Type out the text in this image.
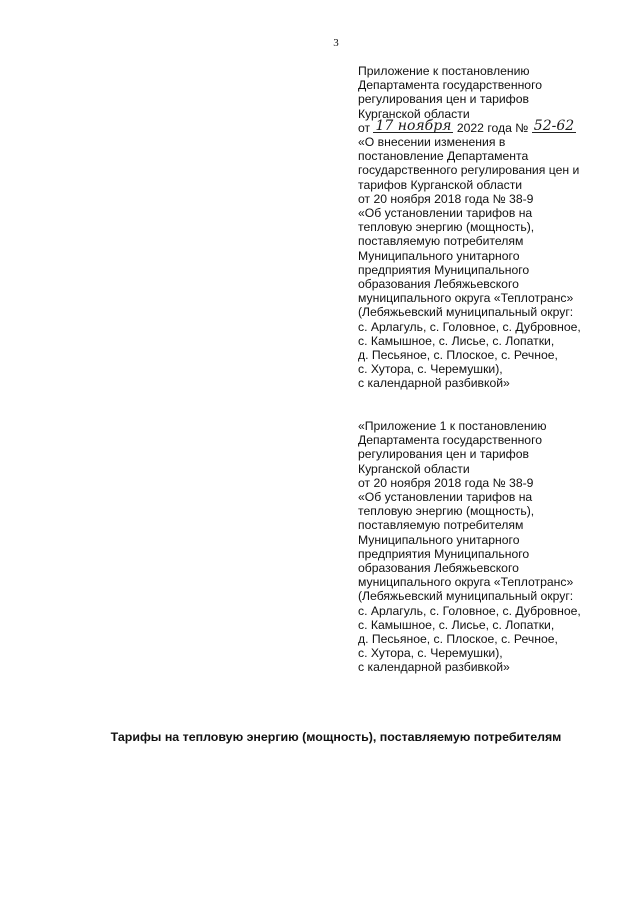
3
Приложение к постановлению
Департамента государственного
регулирования цен и тарифов
Курганской области
от 17 ноября 2022 года № 52-62
«О внесении изменения в
постановление Департамента
государственного регулирования цен и
тарифов Курганской области
от 20 ноября 2018 года № 38-9
«Об установлении тарифов на
тепловую энергию (мощность),
поставляемую потребителям
Муниципального унитарного
предприятия Муниципального
образования Лебяжьевского
муниципального округа «Теплотранс»
(Лебяжьевский муниципальный округ:
с. Арлагуль, с. Головное, с. Дубровное,
с. Камышное, с. Лисье, с. Лопатки,
д. Песьяное, с. Плоское, с. Речное,
с. Хутора, с. Черемушки),
с календарной разбивкой»
«Приложение 1 к постановлению
Департамента государственного
регулирования цен и тарифов
Курганской области
от 20 ноября 2018 года № 38-9
«Об установлении тарифов на
тепловую энергию (мощность),
поставляемую потребителям
Муниципального унитарного
предприятия Муниципального
образования Лебяжьевского
муниципального округа «Теплотранс»
(Лебяжьевский муниципальный округ:
с. Арлагуль, с. Головное, с. Дубровное,
с. Камышное, с. Лисье, с. Лопатки,
д. Песьяное, с. Плоское, с. Речное,
с. Хутора, с. Черемушки),
с календарной разбивкой»
Тарифы на тепловую энергию (мощность), поставляемую потребителям
